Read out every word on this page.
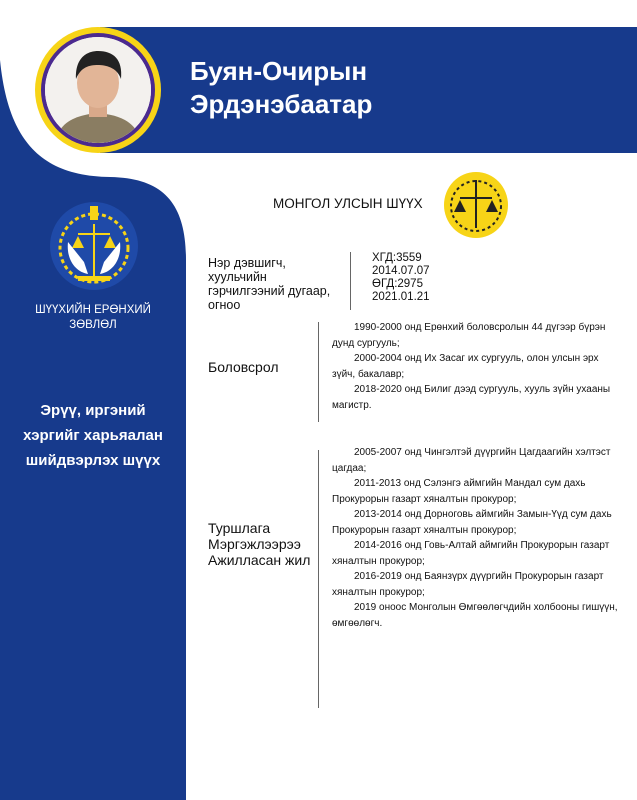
Буян-Очирын
Эрдэнэбаатар
ШҮҮХИЙН ЕРӨНХИЙ
ЗӨВЛӨЛ
Эрүү, иргэний
хэргийг харьяалан
шийдвэрлэх шүүх
МОНГОЛ УЛСЫН ШҮҮХ
Нэр дэвшигч,
хуульчийн
гэрчилгээний дугаар,
огноо
ХГД:3559
2014.07.07
ӨГД:2975
2021.01.21
Боловсрол

1990-2000 онд Ерөнхий боловсролын 44 дүгээр бүрэн дунд сургууль;

2000-2004 онд Их Засаг их сургууль, олон улсын эрх зүйч, бакалавр;

2018-2020 онд Билиг дээд сургууль, хууль зүйн ухааны магистр.

Туршлага
Мэргэжлээрээ
Ажилласан жил

2005-2007 онд Чингэлтэй дүүргийн Цагдаагийн хэлтэст цагдаа;

2011-2013 онд Сэлэнгэ аймгийн Мандал сум дахь Прокурорын газарт хяналтын прокурор;

2013-2014 онд Дорноговь аймгийн Замын-Үүд сум дахь Прокурорын газарт хяналтын прокурор;

2014-2016 онд Говь-Алтай аймгийн Прокурорын газарт хяналтын прокурор;

2016-2019 онд Баянзүрх дүүргийн Прокурорын газарт хяналтын прокурор;

2019 оноос Монголын Өмгөөлөгчдийн холбооны гишүүн, өмгөөлөгч.
